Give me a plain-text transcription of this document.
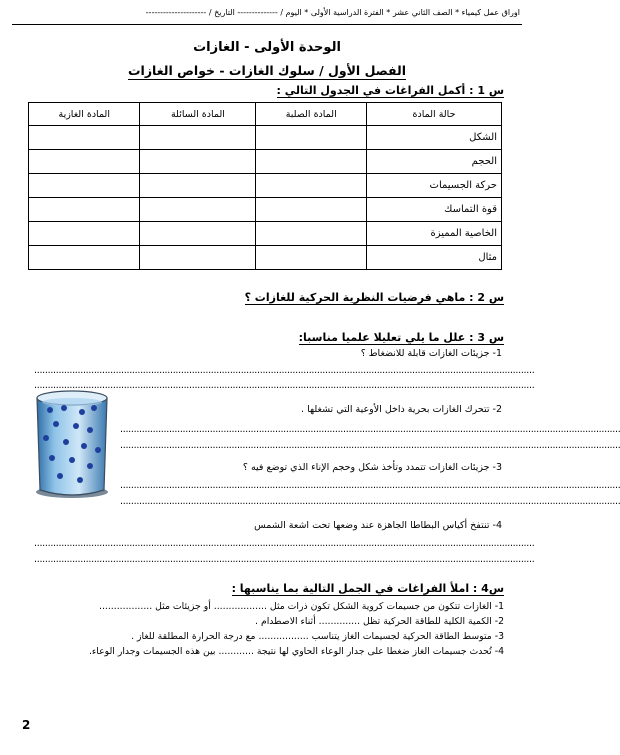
اوراق عمل كيمياء * الصف الثاني عشر * الفترة الدراسية الأولى * اليوم / -------------- التاريخ / ---------------------
الوحدة الأولى - الغازات
الفصل الأول / سلوك الغازات - خواص الغازات
س 1 : أكمل الفراغات في الجدول التالي :
حالة المادة	المادة الصلبة	المادة السائلة	المادة الغازية
الشكل			
الحجم			
حركة الجسيمات			
قوة التماسك			
الخاصية المميزة			
مثال			
س 2 : ماهي فرضيات النظرية الحركية للغازات ؟
س 3 : علل ما يلي تعليلا علميا مناسبا:
1- جزيئات الغازات قابلة للانضغاط ؟
........................................................................................................................................................................................
........................................................................................................................................................................................
2- تتحرك الغازات بحرية داخل الأوعية التي تشغلها .
........................................................................................................................................................................................
........................................................................................................................................................................................
3- جزيئات الغازات تتمدد وتأخذ شكل وحجم الإناء الذي توضع فيه ؟
........................................................................................................................................................................................
........................................................................................................................................................................................
4- تنتفخ أكياس البطاطا الجاهزة عند وضعها تحت اشعة الشمس
........................................................................................................................................................................................
........................................................................................................................................................................................
س4 : املأ الفراغات في الجمل التالية بما يناسبها :
1- الغازات تتكون من جسيمات كروية الشكل تكون ذرات مثل .................. أو جزيئات مثل ..................
2- الكمية الكلية للطاقة الحركية تظل .............. أثناء الاصطدام .
3- متوسط الطاقة الحركية لجسيمات الغاز يتناسب ................. مع درجة الحرارة المطلقة للغاز .
4- تُحدث جسيمات الغاز ضغطا على جدار الوعاء الحاوي لها نتيجة ............ بين هذه الجسيمات وجدار الوعاء.
2
